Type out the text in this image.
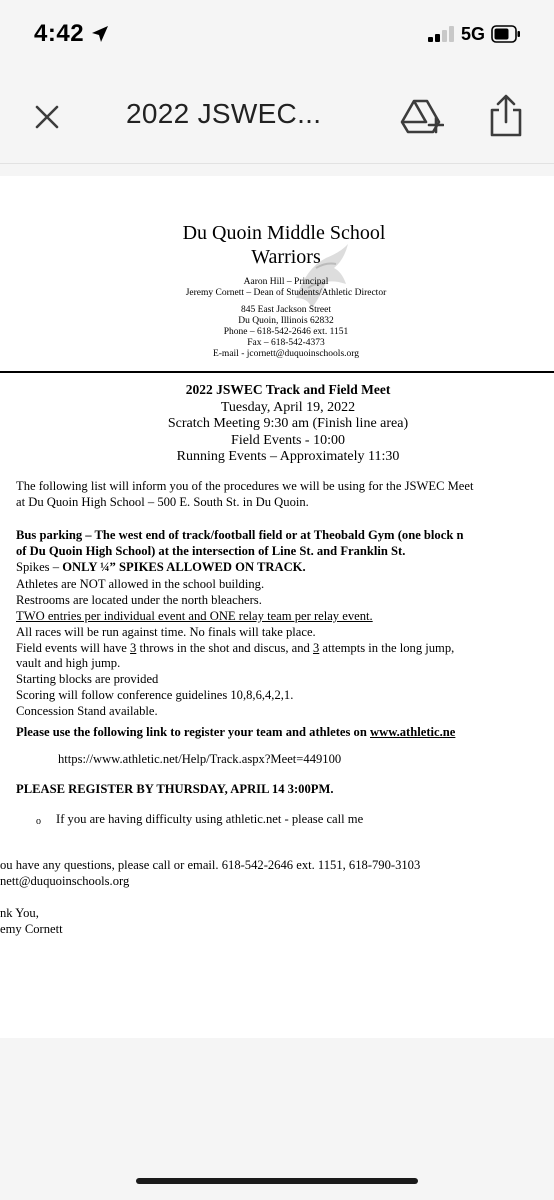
4:42	5G
2022 JSWEC...
Du Quoin Middle School
Warriors
Aaron Hill – Principal
Jeremy Cornett – Dean of Students/Athletic Director
845 East Jackson Street
Du Quoin, Illinois 62832
Phone – 618-542-2646 ext. 1151
Fax – 618-542-4373
E-mail - jcornett@duquoinschools.org
2022 JSWEC Track and Field Meet
Tuesday, April 19, 2022
Scratch Meeting 9:30 am (Finish line area)
Field Events - 10:00
Running Events – Approximately 11:30
The following list will inform you of the procedures we will be using for the JSWEC Meet
at Du Quoin High School – 500 E. South St. in Du Quoin.
Bus parking – The west end of track/football field or at Theobald Gym (one block n
of Du Quoin High School) at the intersection of Line St. and Franklin St.
Spikes – ONLY ¼” SPIKES ALLOWED ON TRACK.
Athletes are NOT allowed in the school building.
Restrooms are located under the north bleachers.
TWO entries per individual event and ONE relay team per relay event.
All races will be run against time. No finals will take place.
Field events will have 3 throws in the shot and discus, and 3 attempts in the long jump,
vault and high jump.
Starting blocks are provided
Scoring will follow conference guidelines 10,8,6,4,2,1.
Concession Stand available.
Please use the following link to register your team and athletes on www.athletic.ne
https://www.athletic.net/Help/Track.aspx?Meet=449100
PLEASE REGISTER BY THURSDAY, APRIL 14 3:00PM.
o If you are having difficulty using athletic.net - please call me
ou have any questions, please call or email. 618-542-2646 ext. 1151, 618-790-3103
nett@duquoinschools.org
nk You,
emy Cornett
